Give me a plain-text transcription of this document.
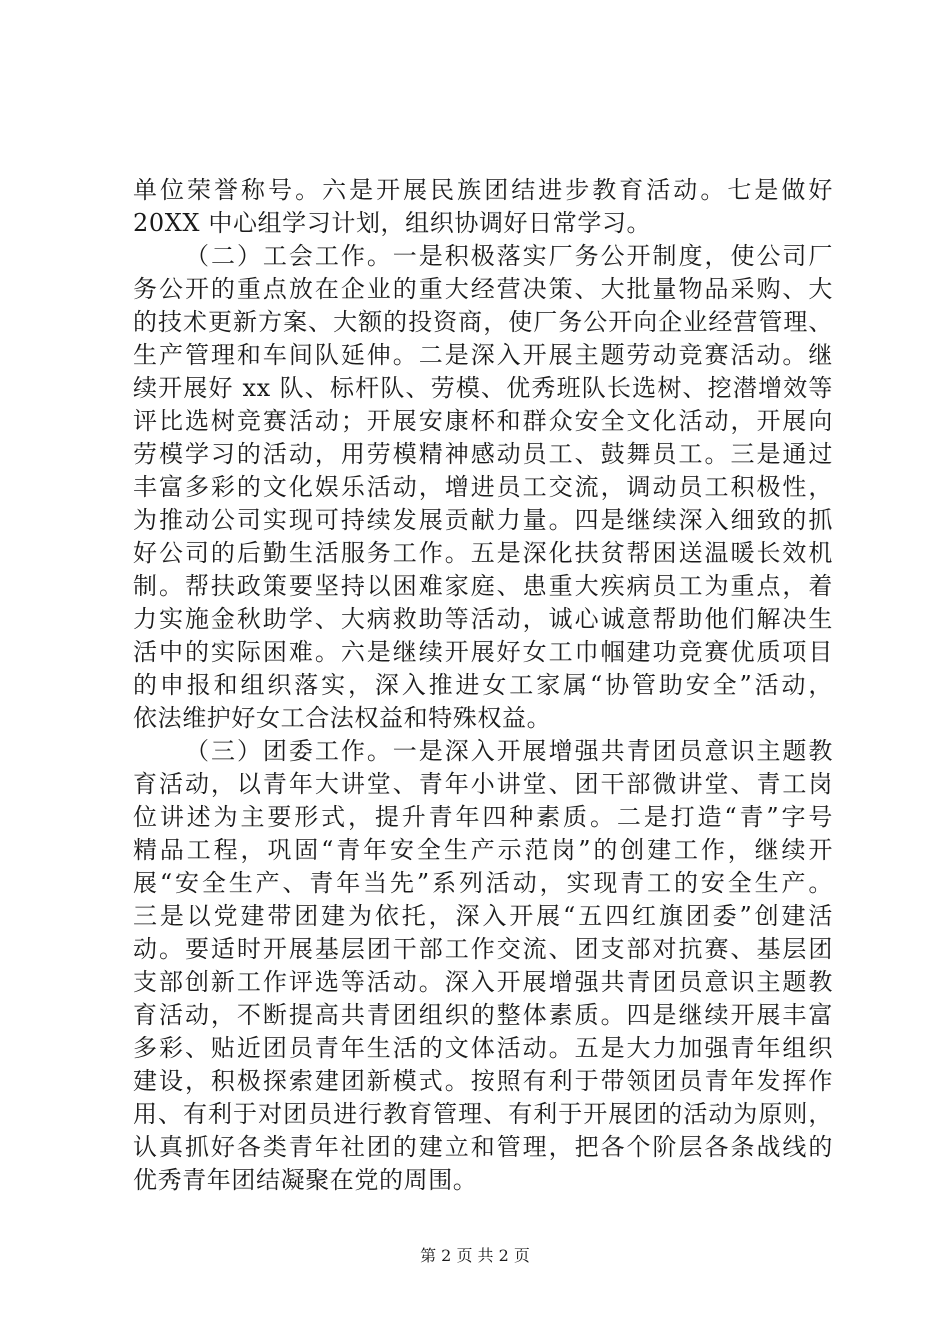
单位荣誉称号。六是开展民族团结进步教育活动。七是做好
20XX 中心组学习计划，组织协调好日常学习。
（二）工会工作。一是积极落实厂务公开制度，使公司厂
务公开的重点放在企业的重大经营决策、大批量物品采购、大
的技术更新方案、大额的投资商，使厂务公开向企业经营管理、
生产管理和车间队延伸。二是深入开展主题劳动竞赛活动。继
续开展好 xx 队、标杆队、劳模、优秀班队长选树、挖潜增效等
评比选树竞赛活动；开展安康杯和群众安全文化活动，开展向
劳模学习的活动，用劳模精神感动员工、鼓舞员工。三是通过
丰富多彩的文化娱乐活动，增进员工交流，调动员工积极性，
为推动公司实现可持续发展贡献力量。四是继续深入细致的抓
好公司的后勤生活服务工作。五是深化扶贫帮困送温暖长效机
制。帮扶政策要坚持以困难家庭、患重大疾病员工为重点，着
力实施金秋助学、大病救助等活动，诚心诚意帮助他们解决生
活中的实际困难。六是继续开展好女工巾帼建功竞赛优质项目
的申报和组织落实，深入推进女工家属“协管助安全”活动，
依法维护好女工合法权益和特殊权益。
（三）团委工作。一是深入开展增强共青团员意识主题教
育活动，以青年大讲堂、青年小讲堂、团干部微讲堂、青工岗
位讲述为主要形式，提升青年四种素质。二是打造“青”字号
精品工程，巩固“青年安全生产示范岗”的创建工作，继续开
展“安全生产、青年当先”系列活动，实现青工的安全生产。
三是以党建带团建为依托，深入开展“五四红旗团委”创建活
动。要适时开展基层团干部工作交流、团支部对抗赛、基层团
支部创新工作评选等活动。深入开展增强共青团员意识主题教
育活动，不断提高共青团组织的整体素质。四是继续开展丰富
多彩、贴近团员青年生活的文体活动。五是大力加强青年组织
建设，积极探索建团新模式。按照有利于带领团员青年发挥作
用、有利于对团员进行教育管理、有利于开展团的活动为原则，
认真抓好各类青年社团的建立和管理，把各个阶层各条战线的
优秀青年团结凝聚在党的周围。
第 2 页 共 2 页
